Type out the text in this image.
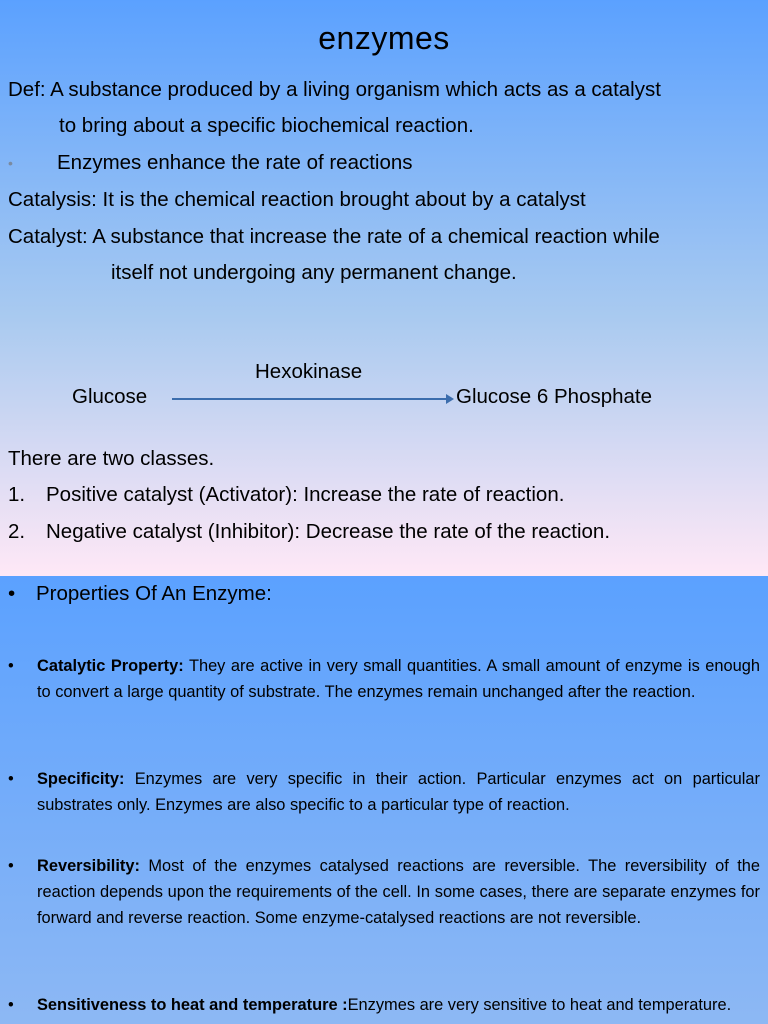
enzymes
Def: A substance produced by a living organism which acts as a catalyst
to bring about a specific biochemical reaction.
• Enzymes enhance the rate of reactions
Catalysis: It is the chemical reaction brought about by a catalyst
Catalyst: A substance that increase the rate of a chemical reaction while
itself not undergoing any permanent change.
Hexokinase
Glucose	Glucose 6 Phosphate
There are two classes.
1. Positive catalyst (Activator): Increase the rate of reaction.
2. Negative catalyst (Inhibitor): Decrease the rate of the reaction.
• Properties Of An Enzyme:
• Catalytic Property: They are active in very small quantities. A small amount of enzyme is enough to convert a large quantity of substrate. The enzymes remain unchanged after the reaction.
• Specificity: Enzymes are very specific in their action. Particular enzymes act on particular substrates only. Enzymes are also specific to a particular type of reaction.
• Reversibility: Most of the enzymes catalysed reactions are reversible. The reversibility of the reaction depends upon the requirements of the cell. In some cases, there are separate enzymes for forward and reverse reaction. Some enzyme-catalysed reactions are not reversible.
• Sensitiveness to heat and temperature :Enzymes are very sensitive to heat and temperature.
